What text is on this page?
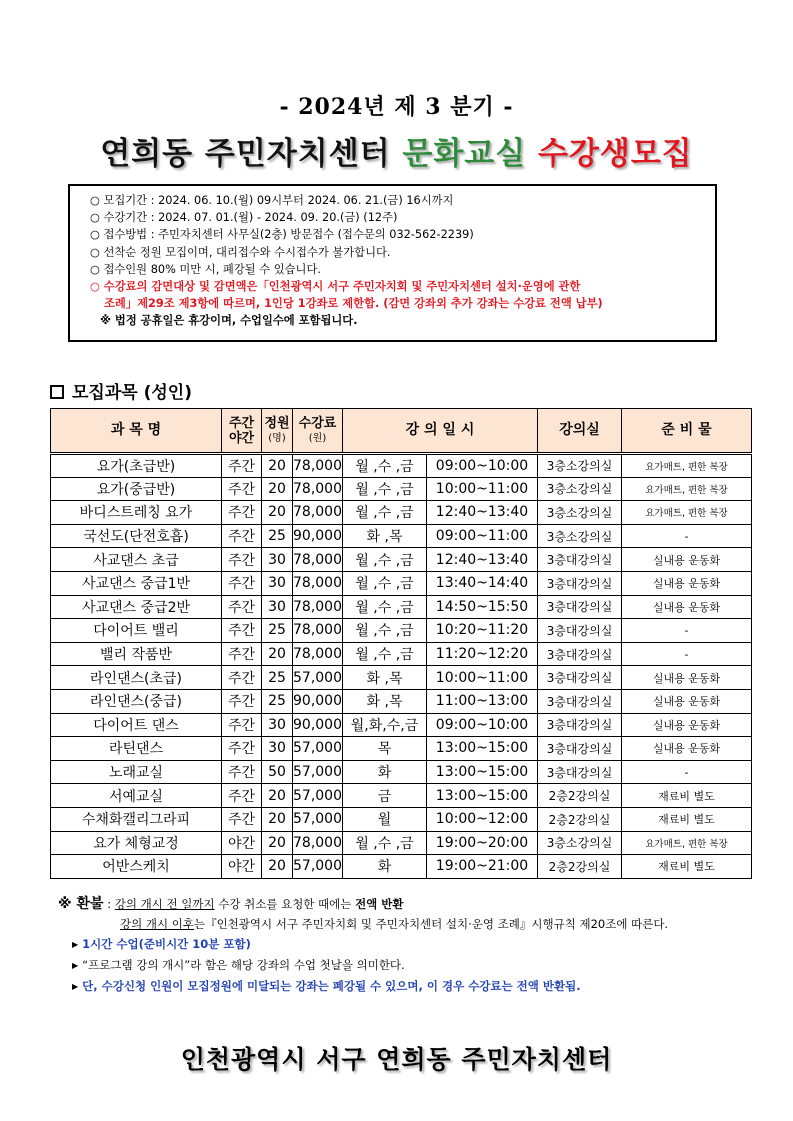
- 2024년 제 3 분기 -
연희동 주민자치센터 문화교실 수강생모집
○ 모집기간 : 2024. 06. 10.(월) 09시부터 2024. 06. 21.(금) 16시까지
○ 수강기간 : 2024. 07. 01.(월) - 2024. 09. 20.(금) (12주)
○ 접수방법 : 주민자치센터 사무실(2층) 방문접수 (접수문의 032-562-2239)
○ 선착순 정원 모집이며, 대리접수와 수시접수가 불가합니다.
○ 접수인원 80% 미만 시, 폐강될 수 있습니다.
○ 수강료의 감면대상 및 감면액은「인천광역시 서구 주민자치회 및 주민자치센터 설치·운영에 관한
조례」제29조 제3항에 따르며, 1인당 1강좌로 제한함. (감면 강좌외 추가 강좌는 수강료 전액 납부)
※ 법정 공휴일은 휴강이며, 수업일수에 포함됩니다.
모집과목 (성인)
과 목 명	주간
야간	정원
(명)	수강료
(원)	강 의 일 시		강의실	준 비 물
요가(초급반)	주간	20	78,000	월 ,수 ,금	09:00~10:00	3층소강의실	요가매트, 편한 복장
요가(중급반)	주간	20	78,000	월 ,수 ,금	10:00~11:00	3층소강의실	요가매트, 편한 복장
바디스트레칭 요가	주간	20	78,000	월 ,수 ,금	12:40~13:40	3층소강의실	요가매트, 편한 복장
국선도(단전호흡)	주간	25	90,000	화 ,목	09:00~11:00	3층소강의실	-
사교댄스 초급	주간	30	78,000	월 ,수 ,금	12:40~13:40	3층대강의실	실내용 운동화
사교댄스 중급1반	주간	30	78,000	월 ,수 ,금	13:40~14:40	3층대강의실	실내용 운동화
사교댄스 중급2반	주간	30	78,000	월 ,수 ,금	14:50~15:50	3층대강의실	실내용 운동화
다이어트 밸리	주간	25	78,000	월 ,수 ,금	10:20~11:20	3층대강의실	-
밸리 작품반	주간	20	78,000	월 ,수 ,금	11:20~12:20	3층대강의실	-
라인댄스(초급)	주간	25	57,000	화 ,목	10:00~11:00	3층대강의실	실내용 운동화
라인댄스(중급)	주간	25	90,000	화 ,목	11:00~13:00	3층대강의실	실내용 운동화
다이어트 댄스	주간	30	90,000	월,화,수,금	09:00~10:00	3층대강의실	실내용 운동화
라틴댄스	주간	30	57,000	목	13:00~15:00	3층대강의실	실내용 운동화
노래교실	주간	50	57,000	화	13:00~15:00	3층대강의실	-
서예교실	주간	20	57,000	금	13:00~15:00	2층2강의실	재료비 별도
수채화캘리그라피	주간	20	57,000	월	10:00~12:00	2층2강의실	재료비 별도
요가 체형교정	야간	20	78,000	월 ,수 ,금	19:00~20:00	3층소강의실	요가매트, 편한 복장
어반스케치	야간	20	57,000	화	19:00~21:00	2층2강의실	재료비 별도
※ 환불 : 강의 개시 전 일까지 수강 취소를 요청한 때에는 전액 반환
강의 개시 이후는『인천광역시 서구 주민자치회 및 주민자치센터 설치·운영 조례』시행규칙 제20조에 따른다.
▶ 1시간 수업(준비시간 10분 포함)
▶ “프로그램 강의 개시”라 함은 해당 강좌의 수업 첫날을 의미한다.
▶ 단, 수강신청 인원이 모집정원에 미달되는 강좌는 폐강될 수 있으며, 이 경우 수강료는 전액 반환됨.
인천광역시 서구 연희동 주민자치센터
